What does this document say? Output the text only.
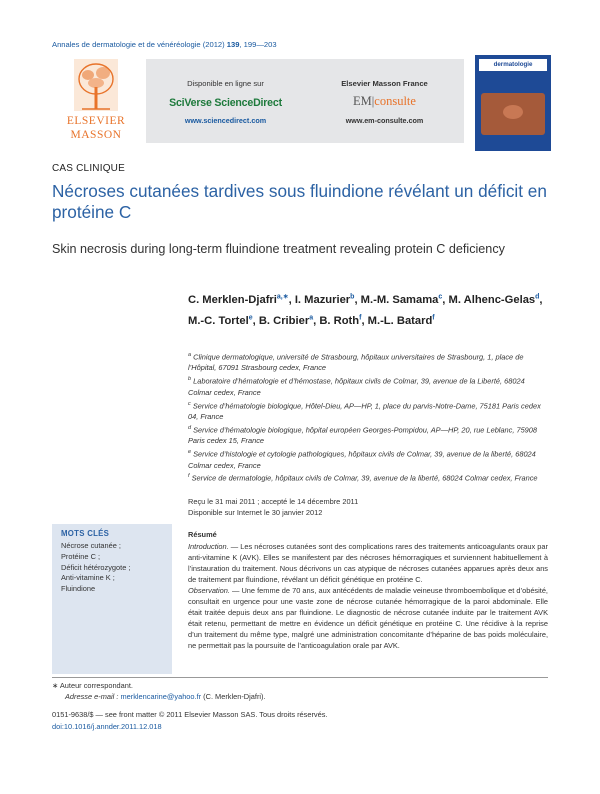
Annales de dermatologie et de vénéréologie (2012) 139, 199—203
ELSEVIER
MASSON
Disponible en ligne sur
SciVerse ScienceDirect
www.sciencedirect.com
Elsevier Masson France
EM|consulte
www.em-consulte.com
dermatologie
CAS CLINIQUE
Nécroses cutanées tardives sous fluindione révélant un déficit en protéine C
Skin necrosis during long-term fluindione treatment revealing protein C deficiency
C. Merklen-Djafri$^{a,∗}$, I. Mazurier$^b$, M.-M. Samama$^c$, M. Alhenc-Gelas$^d$, M.-C. Tortel$^e$, B. Cribier$^a$, B. Roth$^f$, M.-L. Batard$^f$
$^a$ Clinique dermatologique, université de Strasbourg, hôpitaux universitaires de Strasbourg, 1, place de l’Hôpital, 67091 Strasbourg cedex, France
$^b$ Laboratoire d’hématologie et d’hémostase, hôpitaux civils de Colmar, 39, avenue de la Liberté, 68024 Colmar cedex, France
$^c$ Service d’hématologie biologique, Hôtel-Dieu, AP—HP, 1, place du parvis-Notre-Dame, 75181 Paris cedex 04, France
$^d$ Service d’hématologie biologique, hôpital européen Georges-Pompidou, AP—HP, 20, rue Leblanc, 75908 Paris cedex 15, France
$^e$ Service d’histologie et cytologie pathologiques, hôpitaux civils de Colmar, 39, avenue de la liberté, 68024 Colmar cedex, France
$^f$ Service de dermatologie, hôpitaux civils de Colmar, 39, avenue de la liberté, 68024 Colmar cedex, France
Reçu le 31 mai 2011 ; accepté le 14 décembre 2011
Disponible sur Internet le 30 janvier 2012
MOTS CLÉS
Nécrose cutanée ;
Protéine C ;
Déficit hétérozygote ;
Anti-vitamine K ;
Fluindione
Résumé
Introduction. — Les nécroses cutanées sont des complications rares des traitements anticoagulants oraux par anti-vitamine K (AVK). Elles se manifestent par des nécroses hémorragiques et surviennent habituellement à l’instauration du traitement. Nous décrivons un cas atypique de nécroses cutanées apparues après deux ans de traitement par fluindione, révélant un déficit génétique en protéine C.
Observation. — Une femme de 70 ans, aux antécédents de maladie veineuse thromboembolique et d’obésité, consultait en urgence pour une vaste zone de nécrose cutanée hémorragique de la paroi abdominale. Elle était traitée depuis deux ans par fluindione. Le diagnostic de nécrose cutanée induite par le traitement AVK était retenu, permettant de mettre en évidence un déficit génétique en protéine C. Une récidive à la reprise d’un traitement du même type, malgré une administration concomitante d’héparine de bas poids moléculaire, ne permettait pas la poursuite de l’anticoagulation orale par AVK.
∗ Auteur correspondant.
Adresse e-mail : merklencarine@yahoo.fr (C. Merklen-Djafri).
0151-9638/$ — see front matter © 2011 Elsevier Masson SAS. Tous droits réservés.
doi:10.1016/j.annder.2011.12.018
